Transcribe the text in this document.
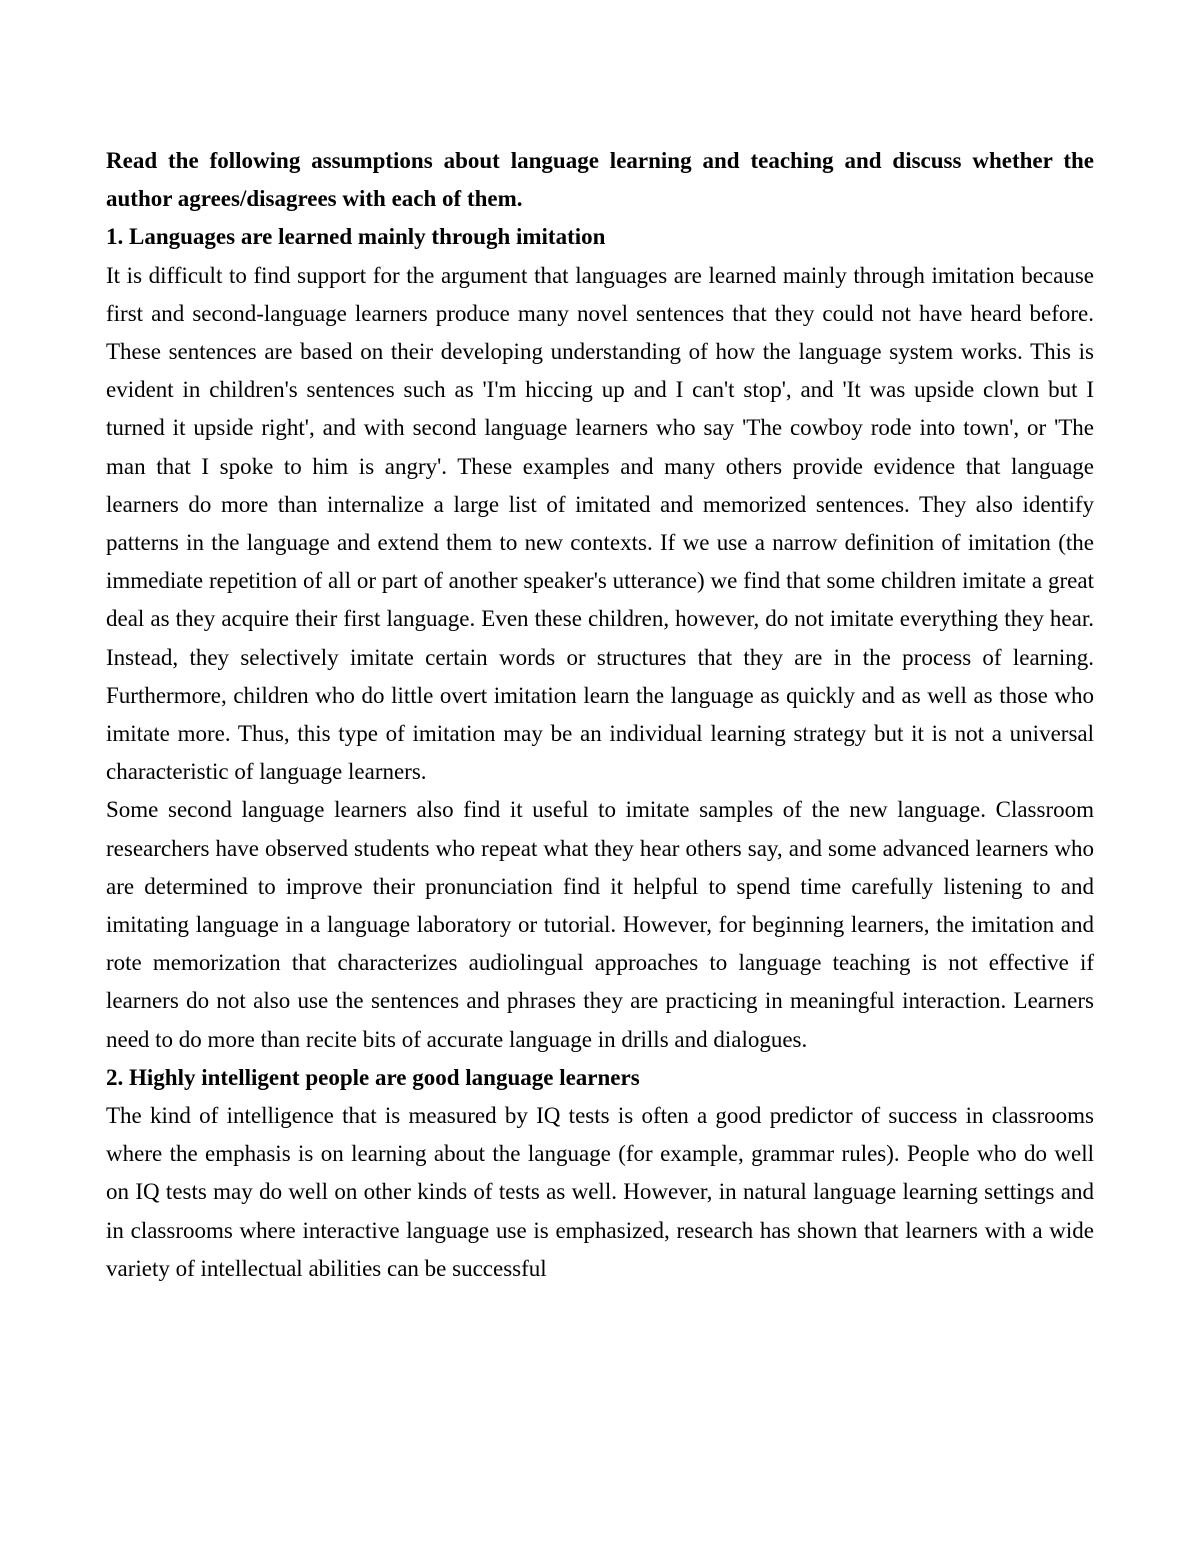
Read the following assumptions about language learning and teaching and discuss whether the author agrees/disagrees with each of them.

1. Languages are learned mainly through imitation

It is difficult to find support for the argument that languages are learned mainly through imitation because first and second-language learners produce many novel sentences that they could not have heard before. These sentences are based on their developing understanding of how the language system works. This is evident in children's sentences such as 'I'm hiccing up and I can't stop', and 'It was upside clown but I turned it upside right', and with second language learners who say 'The cowboy rode into town', or 'The man that I spoke to him is angry'. These examples and many others provide evidence that language learners do more than internalize a large list of imitated and memorized sentences. They also identify patterns in the language and extend them to new contexts. If we use a narrow definition of imitation (the immediate repetition of all or part of another speaker's utterance) we find that some children imitate a great deal as they acquire their first language. Even these children, however, do not imitate everything they hear. Instead, they selectively imitate certain words or structures that they are in the process of learning. Furthermore, children who do little overt imitation learn the language as quickly and as well as those who imitate more. Thus, this type of imitation may be an individual learning strategy but it is not a universal characteristic of language learners.

Some second language learners also find it useful to imitate samples of the new language. Classroom researchers have observed students who repeat what they hear others say, and some advanced learners who are determined to improve their pronunciation find it helpful to spend time carefully listening to and imitating language in a language laboratory or tutorial. However, for beginning learners, the imitation and rote memorization that characterizes audiolingual approaches to language teaching is not effective if learners do not also use the sentences and phrases they are practicing in meaningful interaction. Learners need to do more than recite bits of accurate language in drills and dialogues.

2. Highly intelligent people are good language learners

The kind of intelligence that is measured by IQ tests is often a good predictor of success in classrooms where the emphasis is on learning about the language (for example, grammar rules). People who do well on IQ tests may do well on other kinds of tests as well. However, in natural language learning settings and in classrooms where interactive language use is emphasized, research has shown that learners with a wide variety of intellectual abilities can be successful
